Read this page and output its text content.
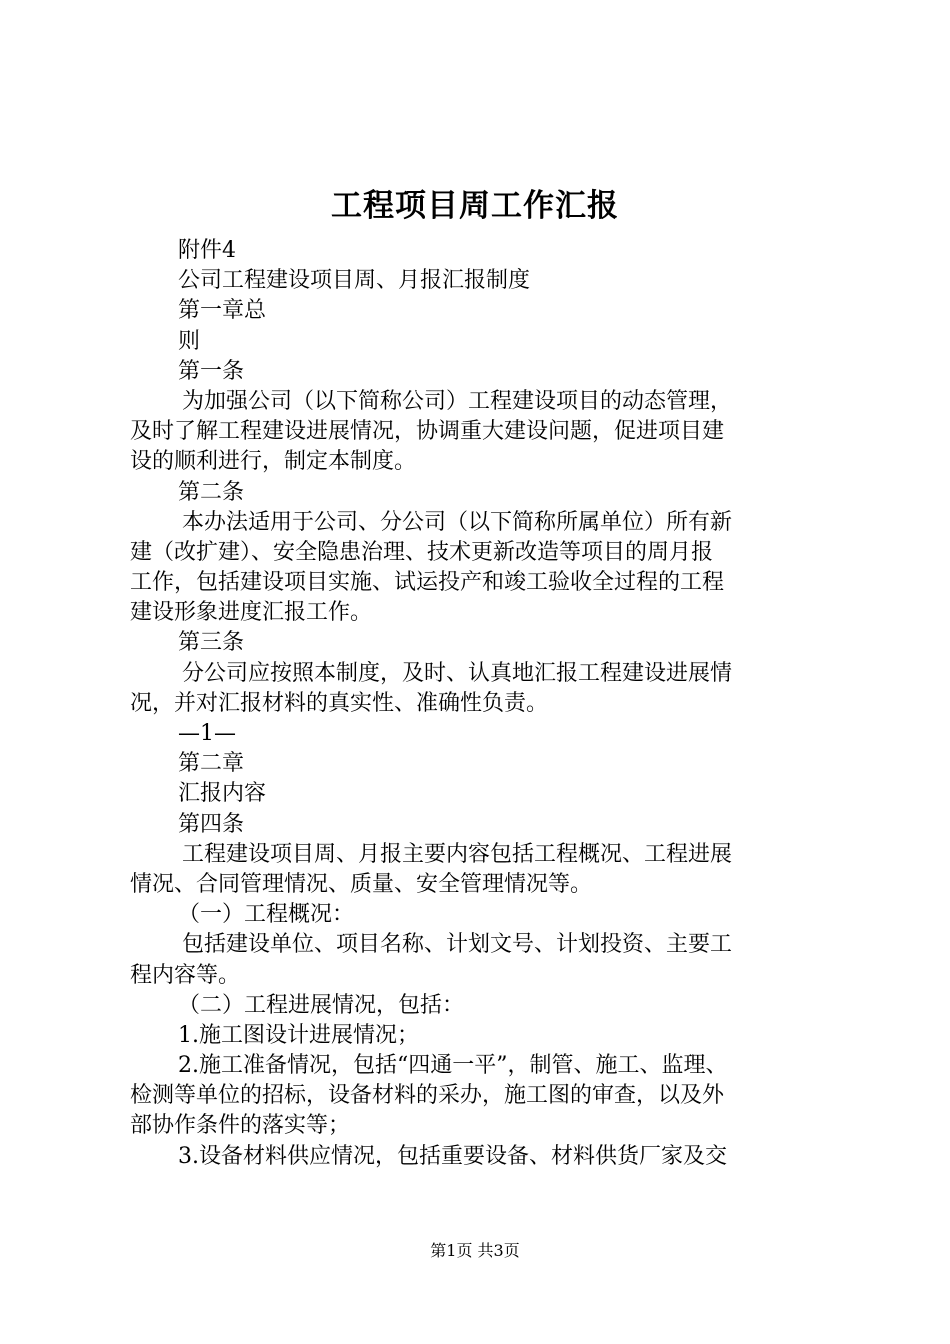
工程项目周工作汇报
附件4
公司工程建设项目周、月报汇报制度
第一章总
则
第一条
为加强公司（以下简称公司）工程建设项目的动态管理，
及时了解工程建设进展情况，协调重大建设问题，促进项目建
设的顺利进行，制定本制度。
第二条
本办法适用于公司、分公司（以下简称所属单位）所有新
建（改扩建）、安全隐患治理、技术更新改造等项目的周月报
工作，包括建设项目实施、试运投产和竣工验收全过程的工程
建设形象进度汇报工作。
第三条
分公司应按照本制度，及时、认真地汇报工程建设进展情
况，并对汇报材料的真实性、准确性负责。
—1—
第二章
汇报内容
第四条
工程建设项目周、月报主要内容包括工程概况、工程进展
情况、合同管理情况、质量、安全管理情况等。
（一）工程概况：
包括建设单位、项目名称、计划文号、计划投资、主要工
程内容等。
（二）工程进展情况，包括：
1.施工图设计进展情况；
2.施工准备情况，包括“四通一平”，制管、施工、监理、
检测等单位的招标，设备材料的采办，施工图的审查，以及外
部协作条件的落实等；
3.设备材料供应情况，包括重要设备、材料供货厂家及交
第1页 共3页
